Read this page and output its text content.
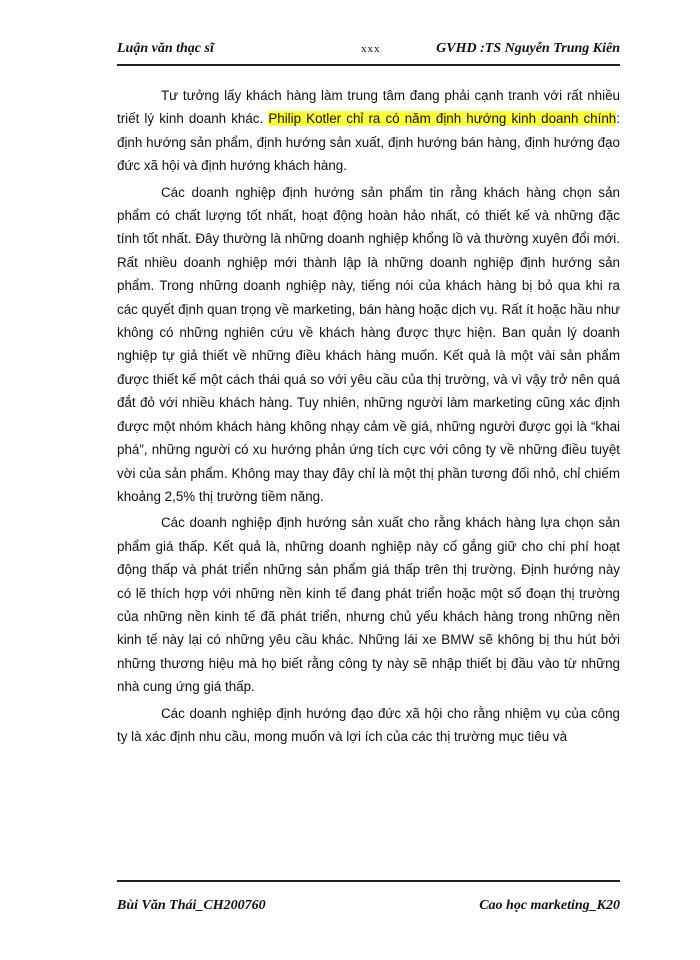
Luận văn thạc sĩ	xxx	GVHD :TS Nguyễn Trung Kiên

Tư tưởng lấy khách hàng làm trung tâm đang phải cạnh tranh với rất nhiều triết lý kinh doanh khác. Philip Kotler chỉ ra có năm định hướng kinh doanh chính: định hướng sản phẩm, định hướng sản xuất, định hướng bán hàng, định hướng đạo đức xã hội và định hướng khách hàng.

Các doanh nghiệp định hướng sản phẩm tin rằng khách hàng chọn sản phẩm có chất lượng tốt nhất, hoạt động hoàn hảo nhất, có thiết kế và những đặc tính tốt nhất. Đây thường là những doanh nghiệp khổng lồ và thường xuyên đổi mới. Rất nhiều doanh nghiệp mới thành lập là những doanh nghiệp định hướng sản phẩm. Trong những doanh nghiệp này, tiếng nói của khách hàng bị bỏ qua khi ra các quyết định quan trọng về marketing, bán hàng hoặc dịch vụ. Rất ít hoặc hầu như không có những nghiên cứu về khách hàng được thực hiện. Ban quản lý doanh nghiệp tự giả thiết về những điều khách hàng muốn. Kết quả là một vài sản phẩm được thiết kế một cách thái quá so với yêu cầu của thị trường, và vì vậy trở nên quá đắt đỏ với nhiều khách hàng. Tuy nhiên, những người làm marketing cũng xác định được một nhóm khách hàng không nhạy cảm về giá, những người được gọi là “khai phá”, những người có xu hướng phản ứng tích cực với công ty về những điều tuyệt vời của sản phẩm. Không may thay đây chỉ là một thị phần tương đối nhỏ, chỉ chiếm khoảng 2,5% thị trường tiềm năng.

Các doanh nghiệp định hướng sản xuất cho rằng khách hàng lựa chọn sản phẩm giá thấp. Kết quả là, những doanh nghiệp này cố gắng giữ cho chi phí hoạt động thấp và phát triển những sản phẩm giá thấp trên thị trường. Định hướng này có lẽ thích hợp với những nền kinh tế đang phát triển hoặc một số đoạn thị trường của những nền kinh tế đã phát triển, nhưng chủ yếu khách hàng trong những nền kinh tế này lại có những yêu cầu khác. Những lái xe BMW sẽ không bị thu hút bởi những thương hiệu mà họ biết rằng công ty này sẽ nhập thiết bị đầu vào từ những nhà cung ứng giá thấp.

Các doanh nghiệp định hướng đạo đức xã hội cho rằng nhiệm vụ của công ty là xác định nhu cầu, mong muốn và lợi ích của các thị trường mục tiêu và

Bùi Văn Thái_CH200760	Cao học marketing_K20
